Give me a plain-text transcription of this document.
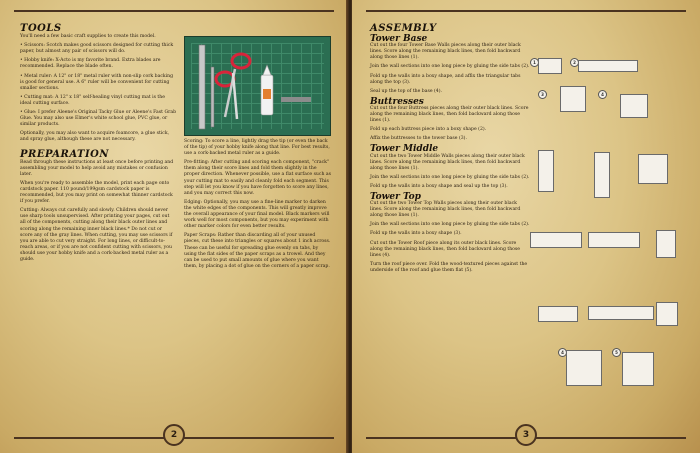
TOOLS

You'll need a few basic craft supplies to create this model.

• Scissors: Scotch makes good scissors designed for cutting thick paper, but almost any pair of scissors will do.

• Hobby knife: X-Acto is my favorite brand. Extra blades are recommended. Replace the blade often.

• Metal ruler: A 12" or 18" metal ruler with non-slip cork backing is good for general use. A 6" ruler will be convenient for cutting smaller sections.

• Cutting mat: A 12" x 18" self-healing vinyl cutting mat is the ideal cutting surface.

• Glue: I prefer Aleene's Original Tacky Glue or Aleene's Fast Grab Glue. You may also use Elmer's white school glue, PVC glue, or similar products.

Optionally, you may also want to acquire foamcore, a glue stick, and spray glue, although these are not necessary.

PREPARATION

Read through these instructions at least once before printing and assembling your model to help avoid any mistakes or confusion later.

When you're ready to assemble the model, print each page onto cardstock paper. 110 pound/199gsm cardstock paper is recommended, but you may print on somewhat thinner cardstock if you prefer.

Cutting: Always cut carefully and slowly. Children should never use sharp tools unsupervised. After printing your pages, cut out all of the components, cutting along their black outer lines and scoring along the remaining inner black lines.* Do not cut or score any of the gray lines. When cutting, you may use scissors if you are able to cut very straight. For long lines, or difficult-to-reach areas, or if you are not confident cutting with scissors, you should use your hobby knife and a cork-backed metal ruler as a guide.

Scoring: To score a line, lightly drag the tip (or even the back of the tip) of your hobby knife along that line. For best results, use a cork-backed metal ruler as a guide.

Pre-fitting: After cutting and scoring each component, "crack" them along their score lines and fold them slightly in the proper direction. Whenever possible, use a flat surface such as your cutting mat to easily and cleanly fold each segment. This step will let you know if you have forgotten to score any lines, and you may correct this now.

Edging: Optionally, you may use a fine-line marker to darken the white edges of the components. This will greatly improve the overall appearance of your final model. Black markers will work well for most components, but you may experiment with other marker colors for even better results.

Paper Scraps: Rather than discarding all of your unused pieces, cut these into triangles or squares about 1 inch across. These can be useful for spreading glue evenly on tabs, by using the flat sides of the paper scraps as a trowel. And they can be used to put small amounts of glue where you want them, by placing a dot of glue on the corners of a paper scrap.

2
ASSEMBLY
Tower Base

Cut out the four Tower Base Walls pieces along their outer black lines. Score along the remaining black lines, then fold backward along those lines (1).

Join the wall sections into one long piece by gluing the side tabs (2).

Fold up the walls into a boxy shape, and affix the triangular tabs along the top (3).

Seal up the top of the base (4).

Buttresses

Cut out the four Buttress pieces along their outer black lines. Score along the remaining black lines, then fold backward along those lines (1).

Fold up each buttress piece into a boxy shape (2).

Affix the buttresses to the tower base (3).

Tower Middle

Cut out the two Tower Middle Walls pieces along their outer black lines. Score along the remaining black lines, then fold backward along those lines (1).

Join the wall sections into one long piece by gluing the side tabs (2).

Fold up the walls into a boxy shape and seal up the top (3).

Tower Top

Cut out the two Tower Top Walls pieces along their outer black lines. Score along the remaining black lines, then fold backward along those lines (1).

Join the wall sections into one long piece by gluing the side tabs (2).

Fold up the walls into a boxy shape (3).

Cut out the Tower Roof piece along its outer black lines. Score along the remaining black lines, then fold backward along those lines (4).

Turn the roof piece over. Fold the wood-textured pieces against the underside of the roof and glue them flat (5).

1	2
3	4
4	5
3
